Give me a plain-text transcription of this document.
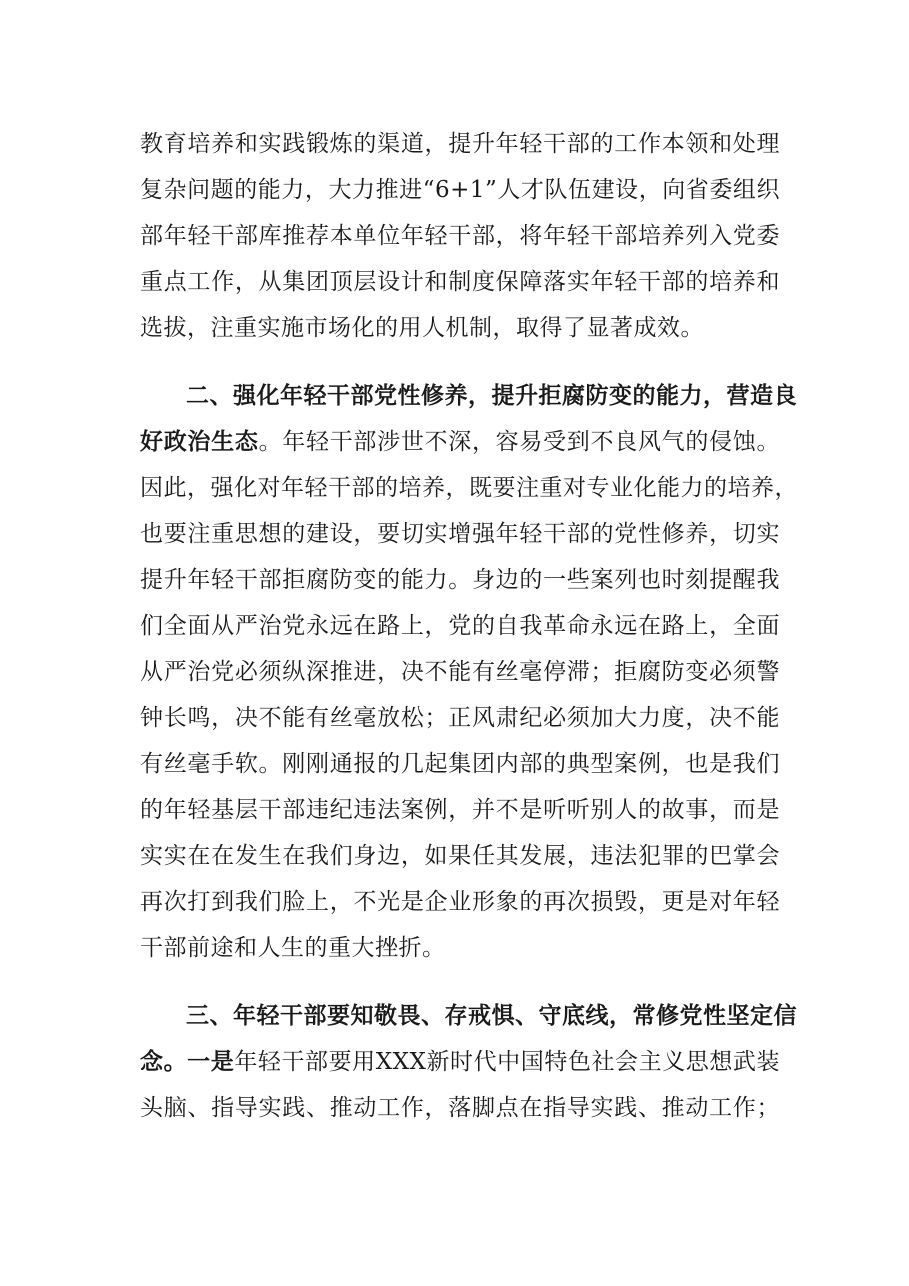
教育培养和实践锻炼的渠道，提升年轻干部的工作本领和处理
复杂问题的能力，大力推进“6+1”人才队伍建设，向省委组织
部年轻干部库推荐本单位年轻干部，将年轻干部培养列入党委
重点工作，从集团顶层设计和制度保障落实年轻干部的培养和
选拔，注重实施市场化的用人机制，取得了显著成效。
二、强化年轻干部党性修养，提升拒腐防变的能力，营造良
好政治生态。年轻干部涉世不深，容易受到不良风气的侵蚀。
因此，强化对年轻干部的培养，既要注重对专业化能力的培养，
也要注重思想的建设，要切实增强年轻干部的党性修养，切实
提升年轻干部拒腐防变的能力。身边的一些案列也时刻提醒我
们全面从严治党永远在路上，党的自我革命永远在路上，全面
从严治党必须纵深推进，决不能有丝毫停滞；拒腐防变必须警
钟长鸣，决不能有丝毫放松；正风肃纪必须加大力度，决不能
有丝毫手软。刚刚通报的几起集团内部的典型案例，也是我们
的年轻基层干部违纪违法案例，并不是听听别人的故事，而是
实实在在发生在我们身边，如果任其发展，违法犯罪的巴掌会
再次打到我们脸上，不光是企业形象的再次损毁，更是对年轻
干部前途和人生的重大挫折。
三、年轻干部要知敬畏、存戒惧、守底线，常修党性坚定信
念。一是年轻干部要用XXX新时代中国特色社会主义思想武装
头脑、指导实践、推动工作，落脚点在指导实践、推动工作；
